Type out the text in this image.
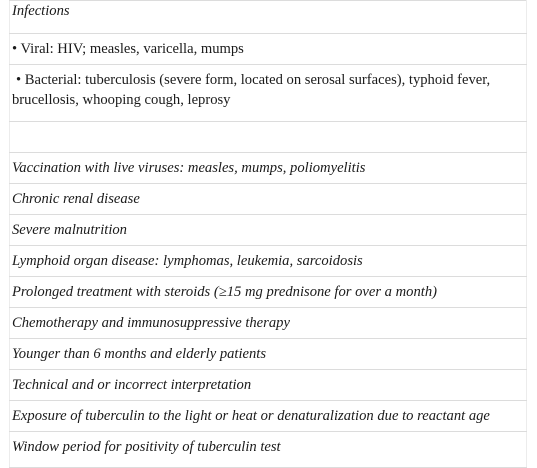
Infections
• Viral: HIV; measles, varicella, mumps
• Bacterial: tuberculosis (severe form, located on serosal surfaces), typhoid fever, brucellosis, whooping cough, leprosy

Vaccination with live viruses: measles, mumps, poliomyelitis
Chronic renal disease
Severe malnutrition
Lymphoid organ disease: lymphomas, leukemia, sarcoidosis
Prolonged treatment with steroids (≥15 mg prednisone for over a month)
Chemotherapy and immunosuppressive therapy
Younger than 6 months and elderly patients
Technical and or incorrect interpretation
Exposure of tuberculin to the light or heat or denaturalization due to reactant age
Window period for positivity of tuberculin test
